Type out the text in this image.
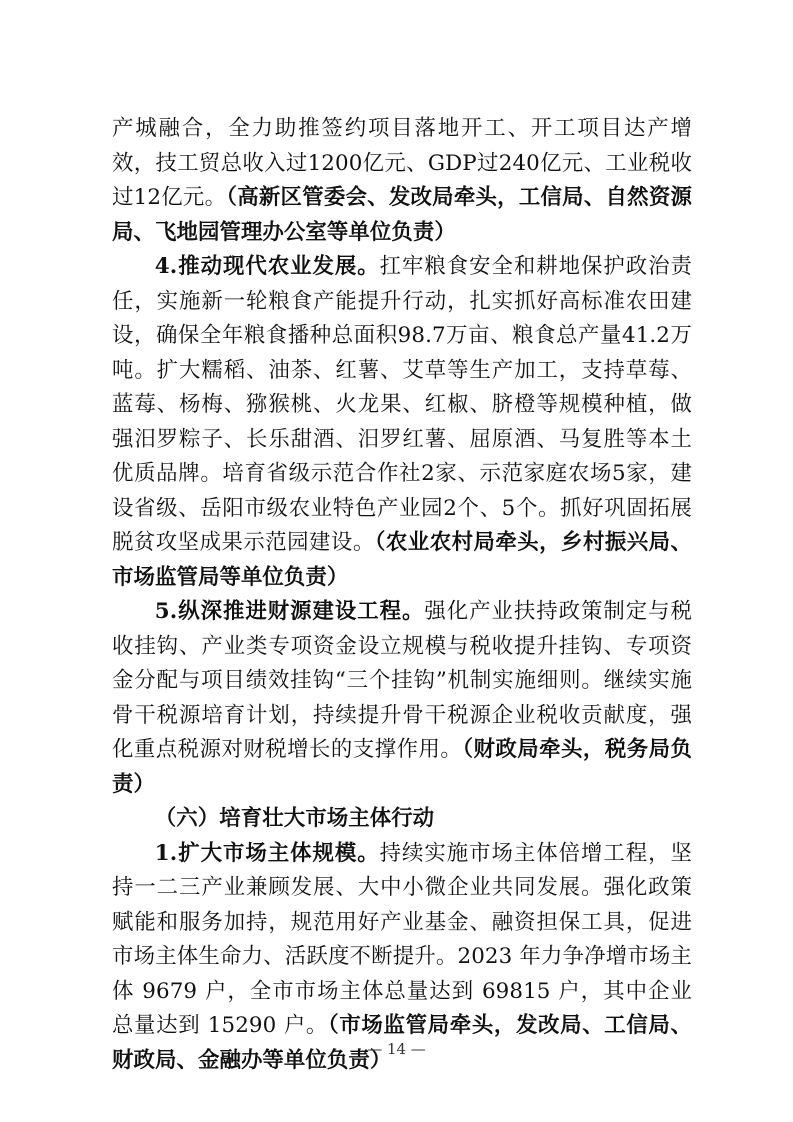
产城融合，全力助推签约项目落地开工、开工项目达产增效，技工贸总收入过1200亿元、GDP过240亿元、工业税收过12亿元。（高新区管委会、发改局牵头，工信局、自然资源局、飞地园管理办公室等单位负责）

4.推动现代农业发展。扛牢粮食安全和耕地保护政治责任，实施新一轮粮食产能提升行动，扎实抓好高标准农田建设，确保全年粮食播种总面积98.7万亩、粮食总产量41.2万吨。扩大糯稻、油茶、红薯、艾草等生产加工，支持草莓、蓝莓、杨梅、猕猴桃、火龙果、红椒、脐橙等规模种植，做强汨罗粽子、长乐甜酒、汨罗红薯、屈原酒、马复胜等本土优质品牌。培育省级示范合作社2家、示范家庭农场5家，建设省级、岳阳市级农业特色产业园2个、5个。抓好巩固拓展脱贫攻坚成果示范园建设。（农业农村局牵头，乡村振兴局、市场监管局等单位负责）

5.纵深推进财源建设工程。强化产业扶持政策制定与税收挂钩、产业类专项资金设立规模与税收提升挂钩、专项资金分配与项目绩效挂钩“三个挂钩”机制实施细则。继续实施骨干税源培育计划，持续提升骨干税源企业税收贡献度，强化重点税源对财税增长的支撑作用。（财政局牵头，税务局负责）

（六）培育壮大市场主体行动

1.扩大市场主体规模。持续实施市场主体倍增工程，坚持一二三产业兼顾发展、大中小微企业共同发展。强化政策赋能和服务加持，规范用好产业基金、融资担保工具，促进市场主体生命力、活跃度不断提升。2023 年力争净增市场主体 9679 户，全市市场主体总量达到 69815 户，其中企业总量达到 15290 户。（市场监管局牵头，发改局、工信局、财政局、金融办等单位负责）

— 14 —
